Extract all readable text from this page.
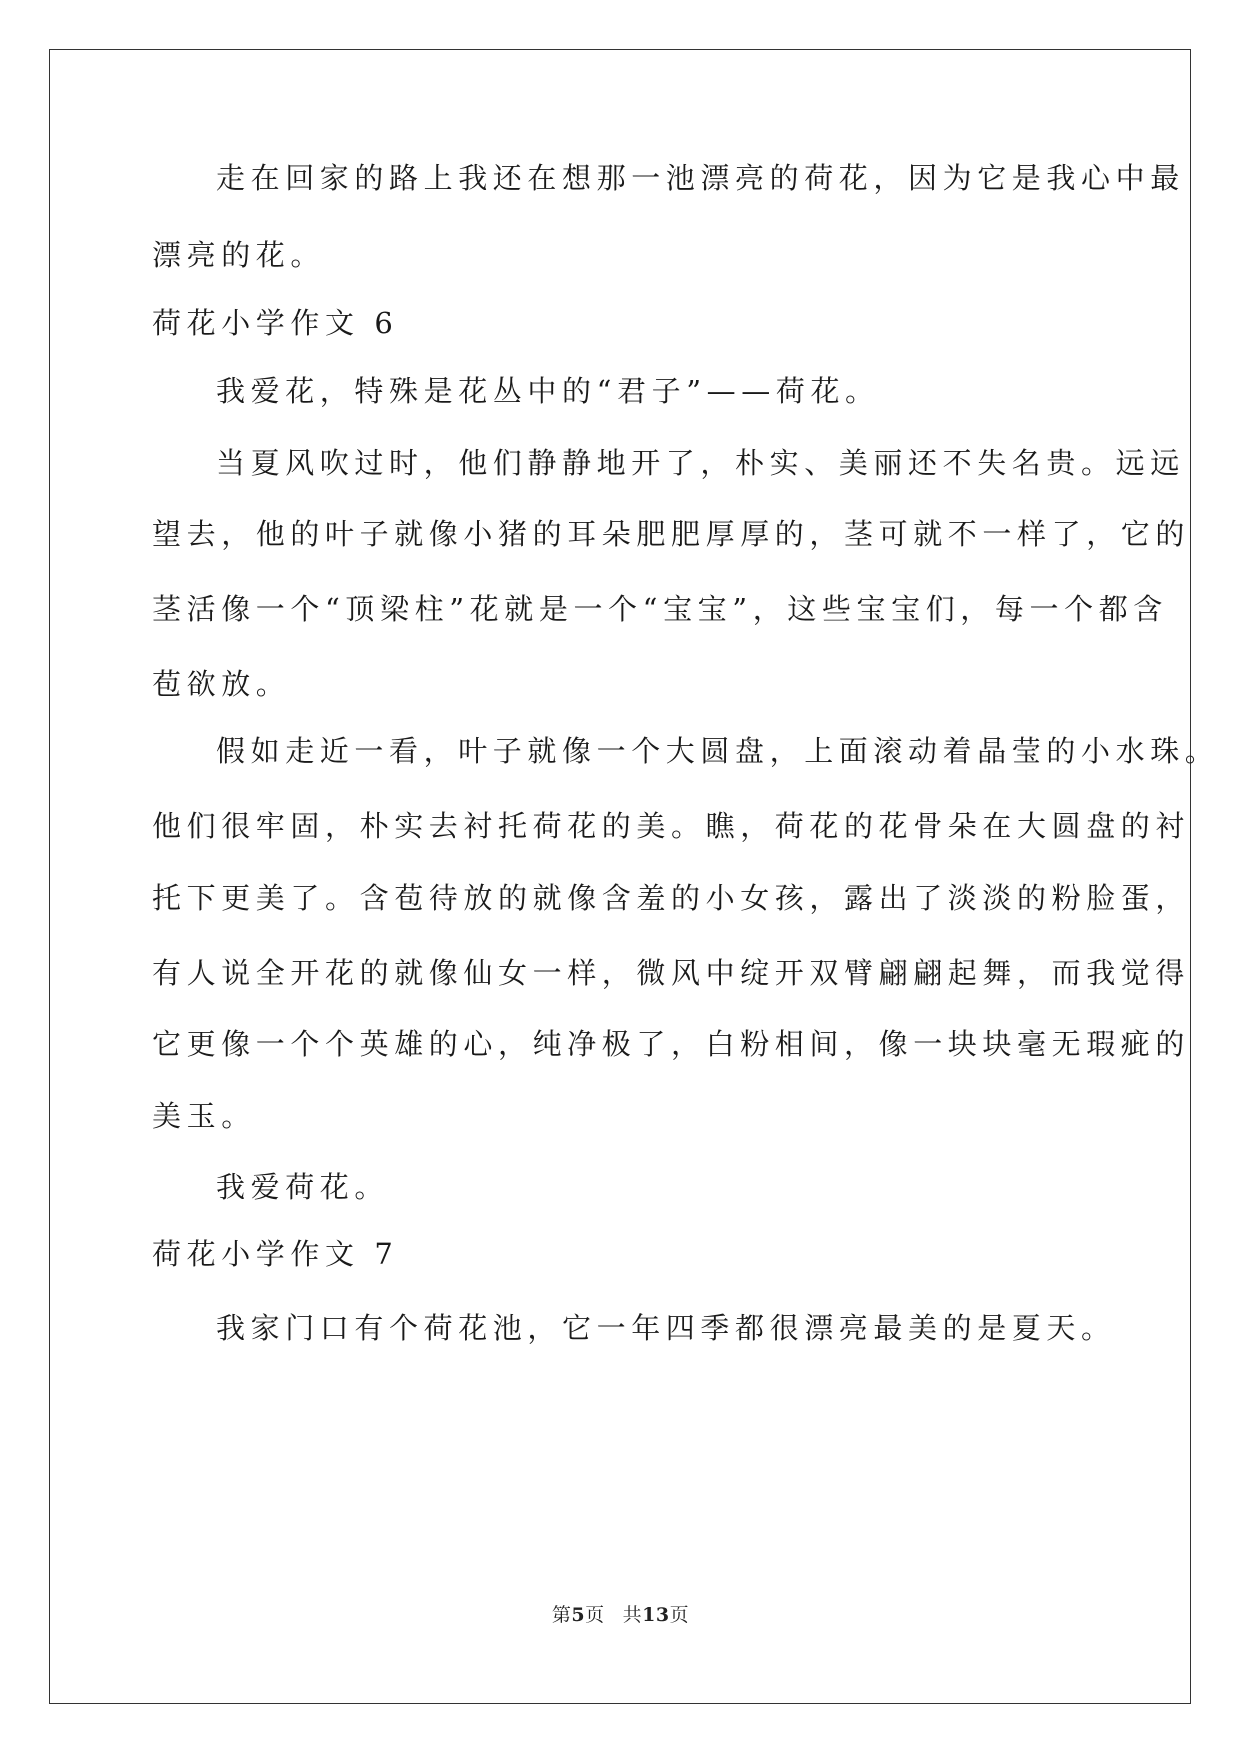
走在回家的路上我还在想那一池漂亮的荷花，因为它是我心中最
漂亮的花。
荷花小学作文 6
我爱花，特殊是花丛中的“君子”——荷花。
当夏风吹过时，他们静静地开了，朴实、美丽还不失名贵。远远
望去，他的叶子就像小猪的耳朵肥肥厚厚的，茎可就不一样了，它的
茎活像一个“顶梁柱”花就是一个“宝宝”，这些宝宝们，每一个都含
苞欲放。
假如走近一看，叶子就像一个大圆盘，上面滚动着晶莹的小水珠。
他们很牢固，朴实去衬托荷花的美。瞧，荷花的花骨朵在大圆盘的衬
托下更美了。含苞待放的就像含羞的小女孩，露出了淡淡的粉脸蛋，
有人说全开花的就像仙女一样，微风中绽开双臂翩翩起舞，而我觉得
它更像一个个英雄的心，纯净极了，白粉相间，像一块块毫无瑕疵的
美玉。
我爱荷花。
荷花小学作文 7
我家门口有个荷花池，它一年四季都很漂亮最美的是夏天。
第5页 共13页
